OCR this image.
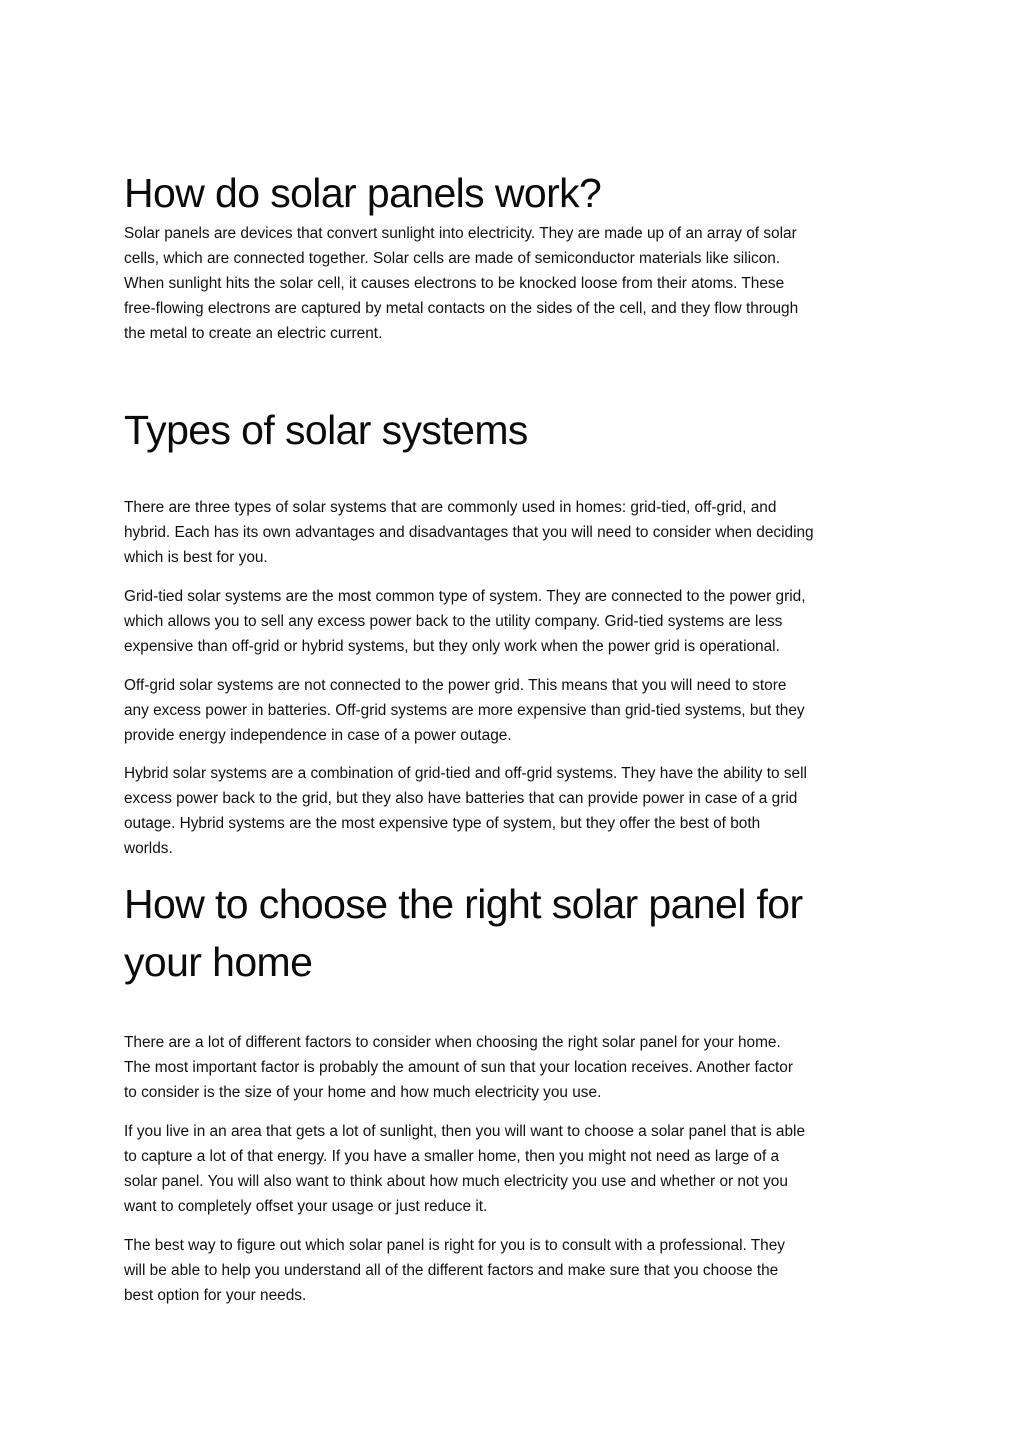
How do solar panels work?

Solar panels are devices that convert sunlight into electricity. They are made up of an array of solar
cells, which are connected together. Solar cells are made of semiconductor materials like silicon.
When sunlight hits the solar cell, it causes electrons to be knocked loose from their atoms. These
free-flowing electrons are captured by metal contacts on the sides of the cell, and they flow through
the metal to create an electric current.

Types of solar systems

There are three types of solar systems that are commonly used in homes: grid-tied, off-grid, and
hybrid. Each has its own advantages and disadvantages that you will need to consider when deciding
which is best for you.

Grid-tied solar systems are the most common type of system. They are connected to the power grid,
which allows you to sell any excess power back to the utility company. Grid-tied systems are less
expensive than off-grid or hybrid systems, but they only work when the power grid is operational.

Off-grid solar systems are not connected to the power grid. This means that you will need to store
any excess power in batteries. Off-grid systems are more expensive than grid-tied systems, but they
provide energy independence in case of a power outage.

Hybrid solar systems are a combination of grid-tied and off-grid systems. They have the ability to sell
excess power back to the grid, but they also have batteries that can provide power in case of a grid
outage. Hybrid systems are the most expensive type of system, but they offer the best of both
worlds.

How to choose the right solar panel for
your home

There are a lot of different factors to consider when choosing the right solar panel for your home.
The most important factor is probably the amount of sun that your location receives. Another factor
to consider is the size of your home and how much electricity you use.

If you live in an area that gets a lot of sunlight, then you will want to choose a solar panel that is able
to capture a lot of that energy. If you have a smaller home, then you might not need as large of a
solar panel. You will also want to think about how much electricity you use and whether or not you
want to completely offset your usage or just reduce it.

The best way to figure out which solar panel is right for you is to consult with a professional. They
will be able to help you understand all of the different factors and make sure that you choose the
best option for your needs.
